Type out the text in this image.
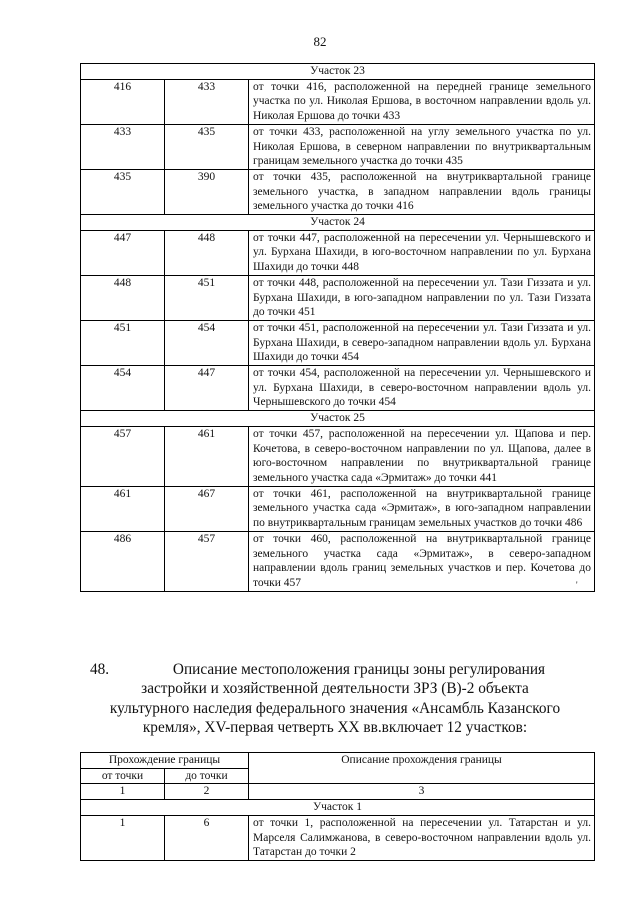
82
Участок 23		
416	433	от точки 416, расположенной на передней границе земельного участка по ул. Николая Ершова, в восточном направлении вдоль ул. Николая Ершова до точки 433
433	435	от точки 433, расположенной на углу земельного участка по ул. Николая Ершова, в северном направлении по внутриквартальным границам земельного участка до точки 435
435	390	от точки 435, расположенной на внутриквартальной границе земельного участка, в западном направлении вдоль границы земельного участка до точки 416
Участок 24		
447	448	от точки 447, расположенной на пересечении ул. Чернышевского и ул. Бурхана Шахиди, в юго-восточном направлении по ул. Бурхана Шахиди до точки 448
448	451	от точки 448, расположенной на пересечении ул. Тази Гиззата и ул. Бурхана Шахиди, в юго-западном направлении по ул. Тази Гиззата до точки 451
451	454	от точки 451, расположенной на пересечении ул. Тази Гиззата и ул. Бурхана Шахиди, в северо-западном направлении вдоль ул. Бурхана Шахиди до точки 454
454	447	от точки 454, расположенной на пересечении ул. Чернышевского и ул. Бурхана Шахиди, в северо-восточном направлении вдоль ул. Чернышевского до точки 454
Участок 25		
457	461	от точки 457, расположенной на пересечении ул. Щапова и пер. Кочетова, в северо-восточном направлении по ул. Щапова, далее в юго-восточном направлении по внутриквартальной границе земельного участка сада «Эрмитаж» до точки 441
461	467	от точки 461, расположенной на внутриквартальной границе земельного участка сада «Эрмитаж», в юго-западном направлении по внутриквартальным границам земельных участков до точки 486
486	457	от точки 460, расположенной на внутриквартальной границе земельного участка сада «Эрмитаж», в северо-западном направлении вдоль границ земельных участков и пер. Кочетова до точки 457
48.	Описание местоположения границы зоны регулирования застройки и хозяйственной деятельности ЗРЗ (В)-2 объекта культурного наследия федерального значения «Ансамбль Казанского кремля», XV-первая четверть XX вв.включает 12 участков:

Прохождение границы		Описание прохождения границы
от точки	до точки	
1	2	3
Участок 1		
1	6	от точки 1, расположенной на пересечении ул. Татарстан и ул. Марселя Салимжанова, в северо-восточном направлении вдоль ул. Татарстан до точки 2
'
